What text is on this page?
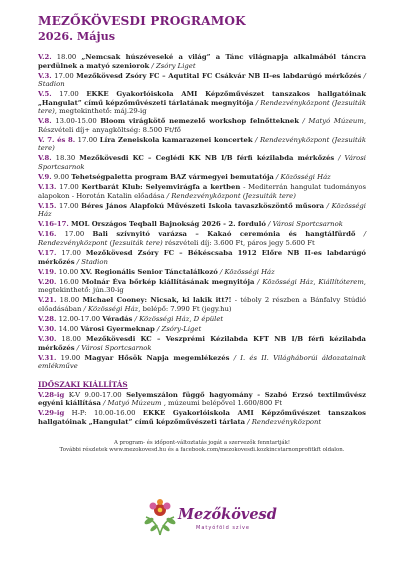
MEZŐKÖVESDI PROGRAMOK
2026. Május
V.2. 18.00 „Nemcsak húszéveseké a világ” a Tánc világnapja alkalmából táncra perdülnek a matyó szeniorok / Zsóry Liget
V.3. 17.00 Mezőkövesd Zsóry FC – Aqutital FC Csákvár NB II-es labdarúgó mérkőzés / Stadion
V.5. 17.00 EKKE Gyakorlóiskola AMI Képzőművészet tanszakos hallgatóinak „Hangulat” című képzőművészeti tárlatának megnyitója / Rendezvényközpont (Jezsuiták tere), megtekinthető: máj.29-ig
V.8. 13.00-15.00 Bloom virágkötő nemezelő workshop felnőtteknek / Matyó Múzeum, Részvételi díj+ anyagköltség: 8.500 Ft/fő
V. 7. és 8. 17.00 Líra Zeneiskola kamarazenei koncertek / Rendezvényközpont (Jezsuiták tere)
V.8. 18.30 Mezőkövesdi KC – Ceglédi KK NB I/B férfi kézilabda mérkőzés / Városi Sportcsarnok
V.9. 9.00 Tehetségpaletta program BAZ vármegyei bemutatója / Közösségi Ház
V.13. 17.00 Kertbarát Klub: Selyemvirágfa a kertben - Mediterrán hangulat tudományos alapokon - Horotán Katalin előadása / Rendezvényközpont (Jezsuiták tere)
V.15. 17.00 Béres János Alapfokú Művészeti Iskola tavaszköszöntő műsora / Közösségi Ház
V.16-17. MOL Országos Teqball Bajnokság 2026 - 2. forduló / Városi Sportcsarnok
V.16. 17.00 Bali szívnyitó varázsa – Kakaó ceremónia és hangtálfürdő / Rendezvényközpont (Jezsuiták tere) részvételi díj: 3.600 Ft, páros jegy 5.600 Ft
V.17. 17.00 Mezőkövesd Zsóry FC – Békéscsaba 1912 Előre NB II-es labdarúgó mérkőzés / Stadion
V.19. 10.00 XV. Regionális Senior Tánctalálkozó / Közösségi Ház
V.20. 16.00 Molnár Éva bőrkép kiállításának megnyitója / Közösségi Ház, Kiállítóterem, megtekinthető: jún.30-ig
V.21. 18.00 Michael Cooney: Nicsak, ki lakik itt?! - téboly 2 részben a Bánfalvy Stúdió előadásában / Közösségi Ház, belépő: 7.990 Ft (jegy.hu)
V.28. 12.00-17.00 Véradás / Közösségi Ház, D épület
V.30. 14.00 Városi Gyermeknap / Zsóry-Liget
V.30. 18.00 Mezőkövesdi KC – Veszprémi Kézilabda KFT NB I/B férfi kézilabda mérkőzés / Városi Sportcsarnok
V.31. 19.00 Magyar Hősök Napja megemlékezés / I. és II. Világháborúi áldozatainak emlékműve
IDŐSZAKI KIÁLLÍTÁS
V.28-ig K-V 9.00-17.00 Selyemszálon függő hagyomány - Szabó Erzsó textilművész egyéni kiállítása / Matyó Múzeum , múzeumi belépővel 1.600/800 Ft
V.29-ig H-P: 10.00-16.00 EKKE Gyakorlóiskola AMI Képzőművészet tanszakos hallgatóinak „Hangulat” című képzőművészeti tárlata / Rendezvényközpont
A program- és időpont-változtatás jogát a szervezők fenntartják!
További részletek www.mezokovesd.hu és a facebook.com/mezokovesdi.kozkincstarnonprofitkft oldalon.
Mezőkövesd
Matyóföld szíve
